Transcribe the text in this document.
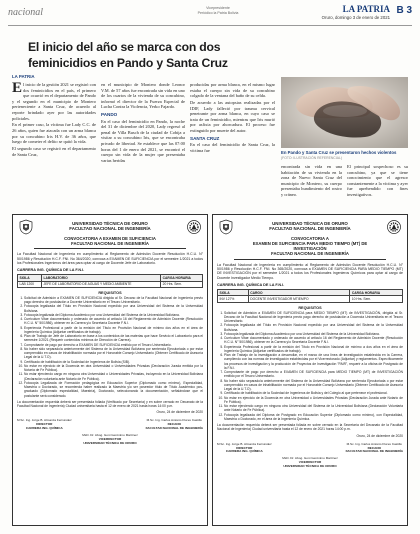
nacional	Vicepresidente
Periódico la Patria Bolivia	LA PATRIA
Oruro, domingo 3 de enero de 2021
B 3
El inicio del año se marca con dos feminicidios en Pando y Santa Cruz
LA PATRIA

El inicio de la gestión 2021 se registró con dos feminicidios en el país, el primero que ocurrió en el departamento de Pando y el segundo en el municipio de Montero perteneciente a Santa Cruz, de acuerdo al reporte brindado ayer por las autoridades policiales.

En el primer caso, la víctima fue Lady C.C. de 26 años, quien fue atacada con un arma blanca por su concubino Iris H.V. de 36 años, que luego de cometer el delito se quitó la vida.

El segundo caso se registró en el departamento de Santa Cruz,

en el municipio de Montero donde Leonor V.M. de 57 años fue encontrada sin vida en uno de los cuartos de la vivienda de su concubino, informó el director de la Fuerza Especial de Lucha Contra la Violencia, Yerko Fajardo.

PANDO

En el caso del feminicidio en Pando, la noche del 31 de diciembre del 2020, Lady regresó al penal de Villa Busch de la ciudad de Cobija a visitar a su concubino Iris, que se encontraba privado de libertad. Se establece que las 07:00 horas del 1 de enero del 2021, se encontró el cuerpo sin vida de la mujer que presentaba varias heridas

producidas por arma blanca, en el mismo lugar estaba el cuerpo sin vida de su concubino colgado de la ventana del baño de su celda.

De acuerdo a las autopsias realizadas por el IDIF, Lady falleció por trauma cervical penetrante por arma blanca, en cuyo caso se trata de un feminicidio, mientras que Iris murió por asfixia por ahorcadura. El proceso fue extinguido por muerte del autor.

SANTA CRUZ

En el caso del feminicidio de Santa Cruz, la víctima fue	En Pando y Santa Cruz se presentaron hechos violentos
(FOTO: ILUSTRACIÓN REFERENCIAL)

encontrada sin vida en una habitación de su vivienda en la zona de Nuevo Santa Cruz del municipio de Montero, su cuerpo presentaba hundimiento del rostro y cráneo.

El principal sospechoso es su concubino, ya que se tiene conocimiento que el agresor constantemente a la víctima y ayer fue aprehendido con fines investigativos.

UNIVERSIDAD TÉCNICA DE ORURO
FACULTAD NACIONAL DE INGENIERÍA
CONVOCATORIA A EXAMEN DE SUFICIENCIA
FACULTAD NACIONAL DE INGENIERÍA
La Facultad Nacional de Ingeniería en cumplimiento al Reglamento de Admisión Docente Resolución H.C.U. N° 50/1986 y Resolución H.C.F. FNI. No 364/2020, convoca a EXAMEN DE SUFICIENCIA por el semestre 1/2021 a todos los Profesionales Ingenieros del área para optar al cargo de Docente Jefe de Laboratorio.
CARRERA ING. QUÍMICA DE LA F.N.I.
SIGLA	LABORATORIO	CARGA HORARIA
LAB 1200	JEFE DE LABORATORIO DE AGUAS Y MEDIO AMBIENTE	20 Hrs. Sem.
REQUISITOS
1. Solicitud de Admisión a EXAMEN DE SUFICIENCIA dirigida al Sr. Decano de la Facultad Nacional de Ingeniería previo pago derecho de postulación a Docente Universitario en el Tesoro Universitario.
2. Fotocopia legalizada del Título en Provisión Nacional expedido por una Universidad del Sistema de la Universidad Boliviana.
3. Fotocopia legalizada del Diploma Académico por una Universidad del Sistema de la Universidad Boliviana.
4. Curriculum Vitae documentado y ordenado de acuerdo al artículo 16 del Reglamento de Admisión Docente (Resolución H.C.U. N° 50/1986), obtener en la Carrera y/o Secretaría Docente F.N.I.
5. Experiencia Profesional a partir de la emisión del Título en Provisión Nacional de mínimo dos años en el área de Ingeniería Química (Adjuntar certificados de trabajo).
6. Plan de Trabajo de Jefe de Laboratorio en base a los contenidos de las materias que hace Servicio el Laboratorio para el semestre 1/2021 (Requerir contenidos mínimos de Dirección de Carrera).
7. Comprobante de pago por derecho a EXAMEN DE SUFICIENCIA emitido por el Tesoro Universitario.
8. No haber sido separado/a anteriormente del Sistema de la Universidad Boliviana por sentencia Ejecutoriada o por estar comprendido en casos de inhabilitación normada por el Honorable Consejo Universitario (Obtener Certificado de Asesoría Legal de la U.T.O).
9. Certificado de habilitación de la Sociedad de Ingenieros de Bolivia (SIB).
10. No estar en ejercicio de la Docencia en otra Universidad o Universidades Privadas (Declaración Jurada emitida por la Notaría de Fe Pública).
11. No estar ejerciendo cargo en ninguna otra Universidad o Universidades Privadas, incluyendo en la Universidad Boliviana (Declaración voluntaria ante Notario de Fe Pública).
12. Fotocopia Legalizada de Formación pedagógica en Educación Superior (Diplomado como mínimo), Especialidad, Maestría o Doctorado, se recomienda haber realizado la Maestría y/o ser poseedor título de Título Académico pos-graduado (Diplomado especialidad, Maestría), Doctorado, seleccionando la documentación, señalándose que el postulante será considerado.
La documentación requerida deberá ser presentada foliada (Verificado por Secretaría) y en sobre cerrado en Decanato de la Facultad Nacional de Ingeniería) Ciudad universitaria hasta el 12 de enero de 2021 hasta horas 14:00 p.m.
Oruro, 24 de diciembre de 2020
M.Sc. Ing. Jorge B. Almanza Fernández
DIRECTOR
CARRERA ING. QUÍMICA
M.Sc. Ing. Carlos Antonio Flores Castillo
DECANO
FACULTAD NACIONAL DE INGENIERÍA
MsD. Dr. Abog. Goni Gerónimo Martínez
VICERRECTOR
UNIVERSIDAD TÉCNICA DE ORURO
UNIVERSIDAD TÉCNICA DE ORURO
FACULTAD NACIONAL DE INGENIERÍA
CONVOCATORIA A
EXAMEN DE SUFICIENCIA PARA MEDIO TIEMPO (MT) DE
INVESTIGACIÓN
FACULTAD NACIONAL DE INGENIERÍA
La Facultad Nacional de Ingeniería en cumplimiento al Reglamento de Admisión Docente Resolución H.C.U. N° 50/1986 y Resolución H.C.F. FNI. No 365/2020, convoca a EXAMEN DE SUFICIENCIA PARA MEDIO TIEMPO (MT) DE INVESTIGACIÓN por el semestre 1/2021 a todos los Profesionales Ingenieros Químicos para optar al cargo de Docente Investigador Medio Tiempo.
CARRERA ING. QUÍMICA DE LA F.N.I.
SIGLA	CARGO	CARGA HORARIA
INV 127%	DOCENTE INVESTIGADOR MTIEMPO	10 Hrs. Sem.
REQUISITOS
1. Solicitud de Admisión a EXAMEN DE SUFICIENCIA para MEDIO TIEMPO (MT) de INVESTIGACIÓN, dirigida al Sr. Decano de la Facultad Nacional de Ingeniería previo pago derecho de postulación a Docencia Universitaria en el Tesoro Universitario.
2. Fotocopia legalizada del Título en Provisión Nacional expedido por una Universidad del Sistema de la Universidad Boliviana.
3. Fotocopia legalizada del Diploma Académico por una Universidad del Sistema de la Universidad Boliviana.
4. Curriculum Vitae documentado y ordenado de acuerdo al artículo 16 del Reglamento de Admisión Docente (Resolución H.C.U. N° 50/1986), obtener en la Carrera y/o Secretaría Docente F.N.I.
5. Experiencia Profesional a partir de la emisión del Título en Provisión Nacional de mínimo a dos años en el área de Ingeniería Química (Adjuntar certificados de trabajo).
6. Plan de Trabajo de la investigación a desarrollar, en el marco de una línea de investigación establecida en la Carrera, cumpliendo con las normas de investigación establecidas por el Vicerrectorado (Adjuntar) y reglamentos. Específicamente los procesos de investigación y la producción de Proyectos de Investigación "PAIR", requerir a la oficina de Postgrado de la F.N.I.
7. Comprobante de pago por derecho a EXAMEN DE SUFICIENCIA para MEDIO TIEMPO (MT) de INVESTIGACIÓN emitido por el Tesoro Universitario.
8. No haber sido separado/a anteriormente del Sistema de la Universidad Boliviana por sentencia Ejecutoriada o por estar comprendido en casos de inhabilitación normada por el Honorable Consejo Universitario (Obtener Certificado de Asesoría Legal de la U.T.O).
9. Certificado de habilitación de la Sociedad de Ingenieros de Bolivia y del Colegio al que pertenece el profesional.
10. No estar en ejercicio de la Docencia en otra Universidad o Universidades Privadas (Declaración Jurada ante Notario de Fe Pública).
11. No estar ejerciendo cargo en ninguna otra Universidad del Sistema de la Universidad Boliviana (Declaración Voluntaria ante Notario de Fe Pública).
12. Fotocopia legalizada del Diploma de Postgrado en Educación Superior (Diplomado como mínimo), con Especialidad, Maestría o Doctorado, en el área de la Ingeniería Química.
La documentación requerida deberá ser presentada foliada en sobre cerrado en la Secretaría del Decanato de la Facultad Nacional de Ingeniería) Ciudad universitaria hasta el 12 de enero de 2021 horas 14:00 p.m.
Oruro, 24 de diciembre de 2020
M.Sc. Ing. Jorge B. Almanza Fernández
DIRECTOR
CARRERA ING. QUÍMICA
M.Sc. Ing. Carlos Antonio Flores Castillo
DECANO
FACULTAD NACIONAL DE INGENIERÍA
MsD. Dr. Abog. Goni Gerónimo Martínez
VICERRECTOR
UNIVERSIDAD TÉCNICA DE ORURO
